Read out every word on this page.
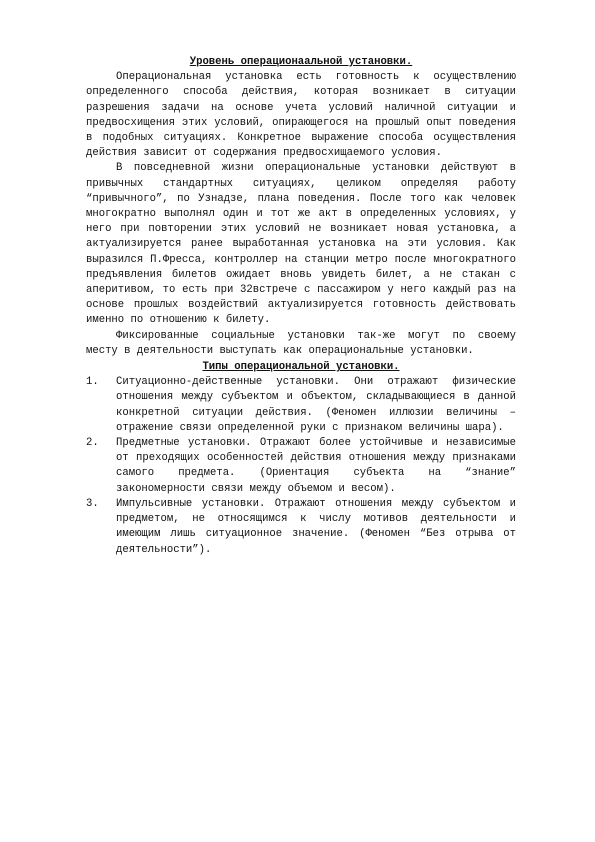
Уровень операционаальной установки.

Операциональная установка есть готовность к осуществлению определенного способа действия, которая возникает в ситуации разрешения задачи на основе учета условий наличной ситуации и предвосхищения этих условий, опирающегося на прошлый опыт поведения в подобных ситуациях. Конкретное выражение способа осуществления действия зависит от содержания предвосхищаемого условия.

В повседневной жизни операциональные установки действуют в привычных стандартных ситуациях, целиком определяя работу “привычного”, по Узнадзе, плана поведения. После того как человек многократно выполнял один и тот же акт в определенных условиях, у него при повторении этих условий не возникает новая установка, а актуализируется ранее выработанная установка на эти условия. Как выразился П.Фресса, контроллер на станции метро после многократного предъявления билетов ожидает вновь увидеть билет, а не стакан с аперитивом, то есть при 32встрече с пассажиром у него каждый раз на основе прошлых воздействий актуализируется готовность действовать именно по отношению к билету.

Фиксированные социальные установки так-же могут по своему месту в деятельности выступать как операциональные установки.

Типы операциональной установки.
1. Ситуационно-действенные установки. Они отражают физические отношения между субъектом и объектом, складывающиеся в данной конкретной ситуации действия. (Феномен иллюзии величины – отражение связи определенной руки с признаком величины шара).
2. Предметные установки. Отражают более устойчивые и независимые от преходящих особенностей действия отношения между признаками самого предмета. (Ориентация субъекта на “знание” закономерности связи между объемом и весом).
3. Импульсивные установки. Отражают отношения между субъектом и предметом, не относящимся к числу мотивов деятельности и имеющим лишь ситуационное значение. (Феномен “Без отрыва от деятельности”).
